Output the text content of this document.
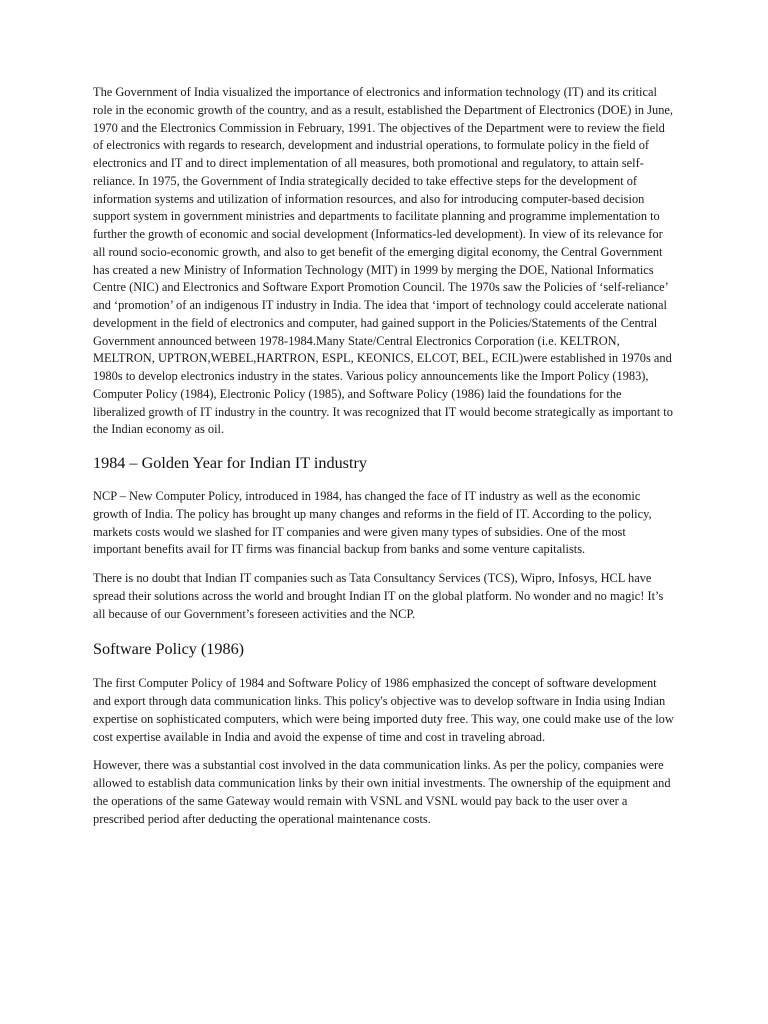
The Government of India visualized the importance of electronics and information technology (IT) and its critical role in the economic growth of the country, and as a result, established the Department of Electronics (DOE) in June, 1970 and the Electronics Commission in February, 1991. The objectives of the Department were to review the field of electronics with regards to research, development and industrial operations, to formulate policy in the field of electronics and IT and to direct implementation of all measures, both promotional and regulatory, to attain self-reliance. In 1975, the Government of India strategically decided to take effective steps for the development of information systems and utilization of information resources, and also for introducing computer-based decision support system in government ministries and departments to facilitate planning and programme implementation to further the growth of economic and social development (Informatics-led development). In view of its relevance for all round socio-economic growth, and also to get benefit of the emerging digital economy, the Central Government has created a new Ministry of Information Technology (MIT) in 1999 by merging the DOE, National Informatics Centre (NIC) and Electronics and Software Export Promotion Council. The 1970s saw the Policies of ‘self-reliance’ and ‘promotion’ of an indigenous IT industry in India. The idea that ‘import of technology could accelerate national development in the field of electronics and computer, had gained support in the Policies/Statements of the Central Government announced between 1978-1984.Many State/Central Electronics Corporation (i.e. KELTRON, MELTRON, UPTRON,WEBEL,HARTRON, ESPL, KEONICS, ELCOT, BEL, ECIL)were established in 1970s and 1980s to develop electronics industry in the states. Various policy announcements like the Import Policy (1983), Computer Policy (1984), Electronic Policy (1985), and Software Policy (1986) laid the foundations for the liberalized growth of IT industry in the country. It was recognized that IT would become strategically as important to the Indian economy as oil.

1984 – Golden Year for Indian IT industry

NCP – New Computer Policy, introduced in 1984, has changed the face of IT industry as well as the economic growth of India. The policy has brought up many changes and reforms in the field of IT. According to the policy, markets costs would we slashed for IT companies and were given many types of subsidies. One of the most important benefits avail for IT firms was financial backup from banks and some venture capitalists.

There is no doubt that Indian IT companies such as Tata Consultancy Services (TCS), Wipro, Infosys, HCL have spread their solutions across the world and brought Indian IT on the global platform. No wonder and no magic! It’s all because of our Government’s foreseen activities and the NCP.

Software Policy (1986)

The first Computer Policy of 1984 and Software Policy of 1986 emphasized the concept of software development and export through data communication links. This policy's objective was to develop software in India using Indian expertise on sophisticated computers, which were being imported duty free. This way, one could make use of the low cost expertise available in India and avoid the expense of time and cost in traveling abroad.

However, there was a substantial cost involved in the data communication links. As per the policy, companies were allowed to establish data communication links by their own initial investments. The ownership of the equipment and the operations of the same Gateway would remain with VSNL and VSNL would pay back to the user over a prescribed period after deducting the operational maintenance costs.
